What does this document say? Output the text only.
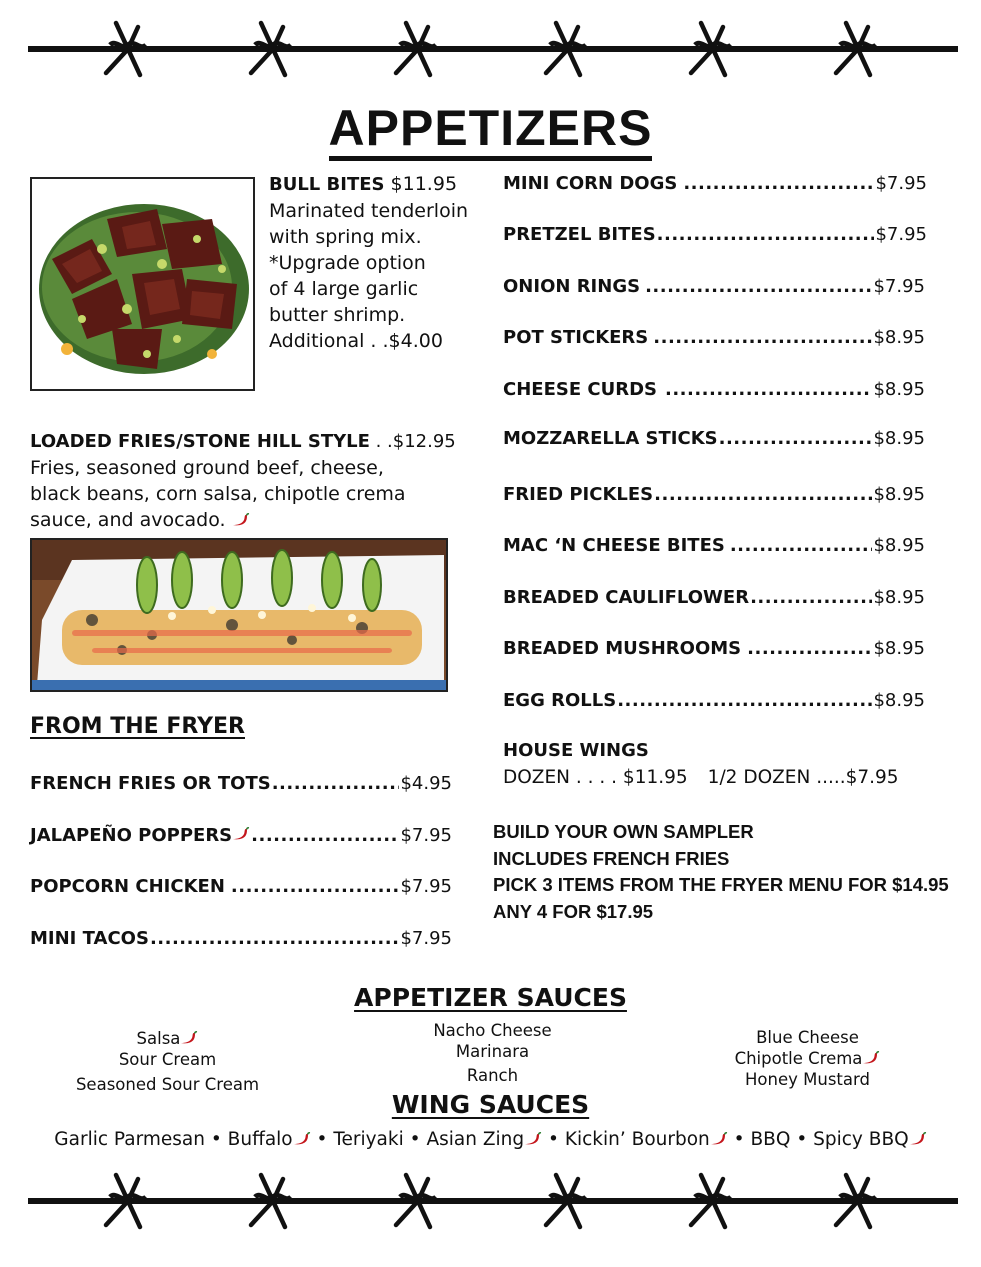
APPETIZERS
BULL BITES $11.95
Marinated tenderloin
with spring mix.
*Upgrade option
of 4 large garlic
butter shrimp.
Additional . .$4.00
LOADED FRIES/STONE HILL STYLE . .$12.95
Fries, seasoned ground beef, cheese,
black beans, corn salsa, chipotle crema
sauce, and avocado.
FROM THE FRYER
FRENCH FRIES OR TOTS .....	$4.95
JALAPEÑO POPPERS .....	$7.95
POPCORN CHICKEN .....	$7.95
MINI TACOS .....	$7.95
MINI CORN DOGS .....	$7.95
PRETZEL BITES .....	$7.95
ONION RINGS .....	$7.95
POT STICKERS .....	$8.95
CHEESE CURDS .....	$8.95
MOZZARELLA STICKS .....	$8.95
FRIED PICKLES .....	$8.95
MAC ‘N CHEESE BITES .....	$8.95
BREADED CAULIFLOWER .....	$8.95
BREADED MUSHROOMS .....	$8.95
EGG ROLLS .....	$8.95
HOUSE WINGS
DOZEN . . . . $11.95 1/2 DOZEN .....$7.95
BUILD YOUR OWN SAMPLER
INCLUDES FRENCH FRIES
PICK 3 ITEMS FROM THE FRYER MENU FOR $14.95
ANY 4 FOR $17.95
APPETIZER SAUCES
Salsa
Sour Cream
Seasoned Sour Cream
Nacho Cheese
Marinara
Ranch
Blue Cheese
Chipotle Crema
Honey Mustard
WING SAUCES
Garlic Parmesan • Buffalo • Teriyaki • Asian Zing • Kickin’ Bourbon • BBQ • Spicy BBQ
